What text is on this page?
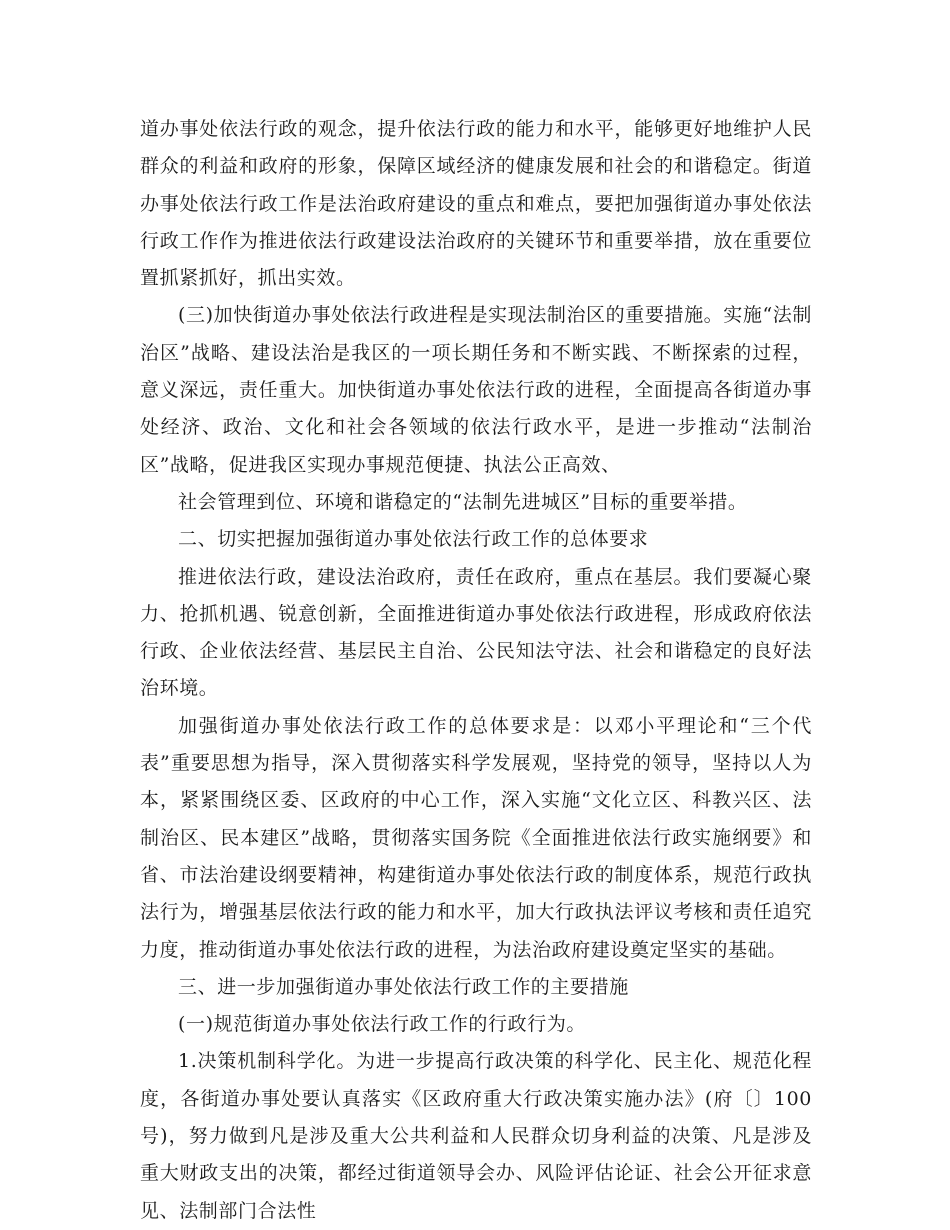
道办事处依法行政的观念，提升依法行政的能力和水平，能够更好地维护人民群众的利益和政府的形象，保障区域经济的健康发展和社会的和谐稳定。街道办事处依法行政工作是法治政府建设的重点和难点，要把加强街道办事处依法行政工作作为推进依法行政建设法治政府的关键环节和重要举措，放在重要位置抓紧抓好，抓出实效。

(三)加快街道办事处依法行政进程是实现法制治区的重要措施。实施“法制治区”战略、建设法治是我区的一项长期任务和不断实践、不断探索的过程，意义深远，责任重大。加快街道办事处依法行政的进程，全面提高各街道办事处经济、政治、文化和社会各领域的依法行政水平，是进一步推动“法制治区”战略，促进我区实现办事规范便捷、执法公正高效、

社会管理到位、环境和谐稳定的“法制先进城区”目标的重要举措。

二、切实把握加强街道办事处依法行政工作的总体要求

推进依法行政，建设法治政府，责任在政府，重点在基层。我们要凝心聚力、抢抓机遇、锐意创新，全面推进街道办事处依法行政进程，形成政府依法行政、企业依法经营、基层民主自治、公民知法守法、社会和谐稳定的良好法治环境。

加强街道办事处依法行政工作的总体要求是：以邓小平理论和“三个代表”重要思想为指导，深入贯彻落实科学发展观，坚持党的领导，坚持以人为本，紧紧围绕区委、区政府的中心工作，深入实施“文化立区、科教兴区、法制治区、民本建区”战略，贯彻落实国务院《全面推进依法行政实施纲要》和省、市法治建设纲要精神，构建街道办事处依法行政的制度体系，规范行政执法行为，增强基层依法行政的能力和水平，加大行政执法评议考核和责任追究力度，推动街道办事处依法行政的进程，为法治政府建设奠定坚实的基础。

三、进一步加强街道办事处依法行政工作的主要措施

(一)规范街道办事处依法行政工作的行政行为。

1.决策机制科学化。为进一步提高行政决策的科学化、民主化、规范化程度，各街道办事处要认真落实《区政府重大行政决策实施办法》(府〔〕100号)，努力做到凡是涉及重大公共利益和人民群众切身利益的决策、凡是涉及重大财政支出的决策，都经过街道领导会办、风险评估论证、社会公开征求意见、法制部门合法性
